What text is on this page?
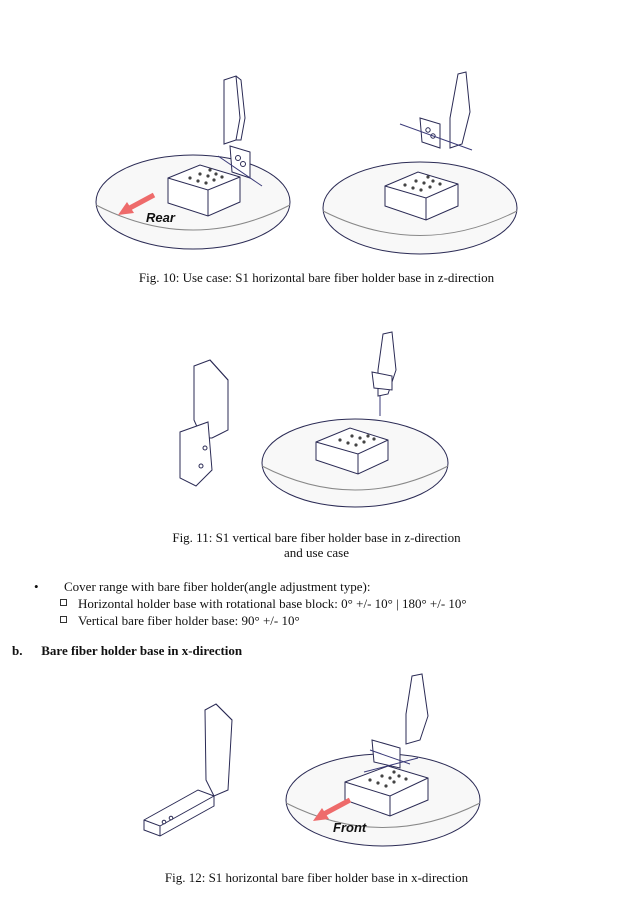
Rear
Fig. 10: Use case: S1 horizontal bare fiber holder base in z-direction
Fig. 11: S1 vertical bare fiber holder base in z-direction
and use case
• Cover range with bare fiber holder(angle adjustment type):
Horizontal holder base with rotational base block: 0° +/- 10° | 180° +/- 10°
Vertical bare fiber holder base: 90° +/- 10°
b. Bare fiber holder base in x-direction
Front
Fig. 12: S1 horizontal bare fiber holder base in x-direction
